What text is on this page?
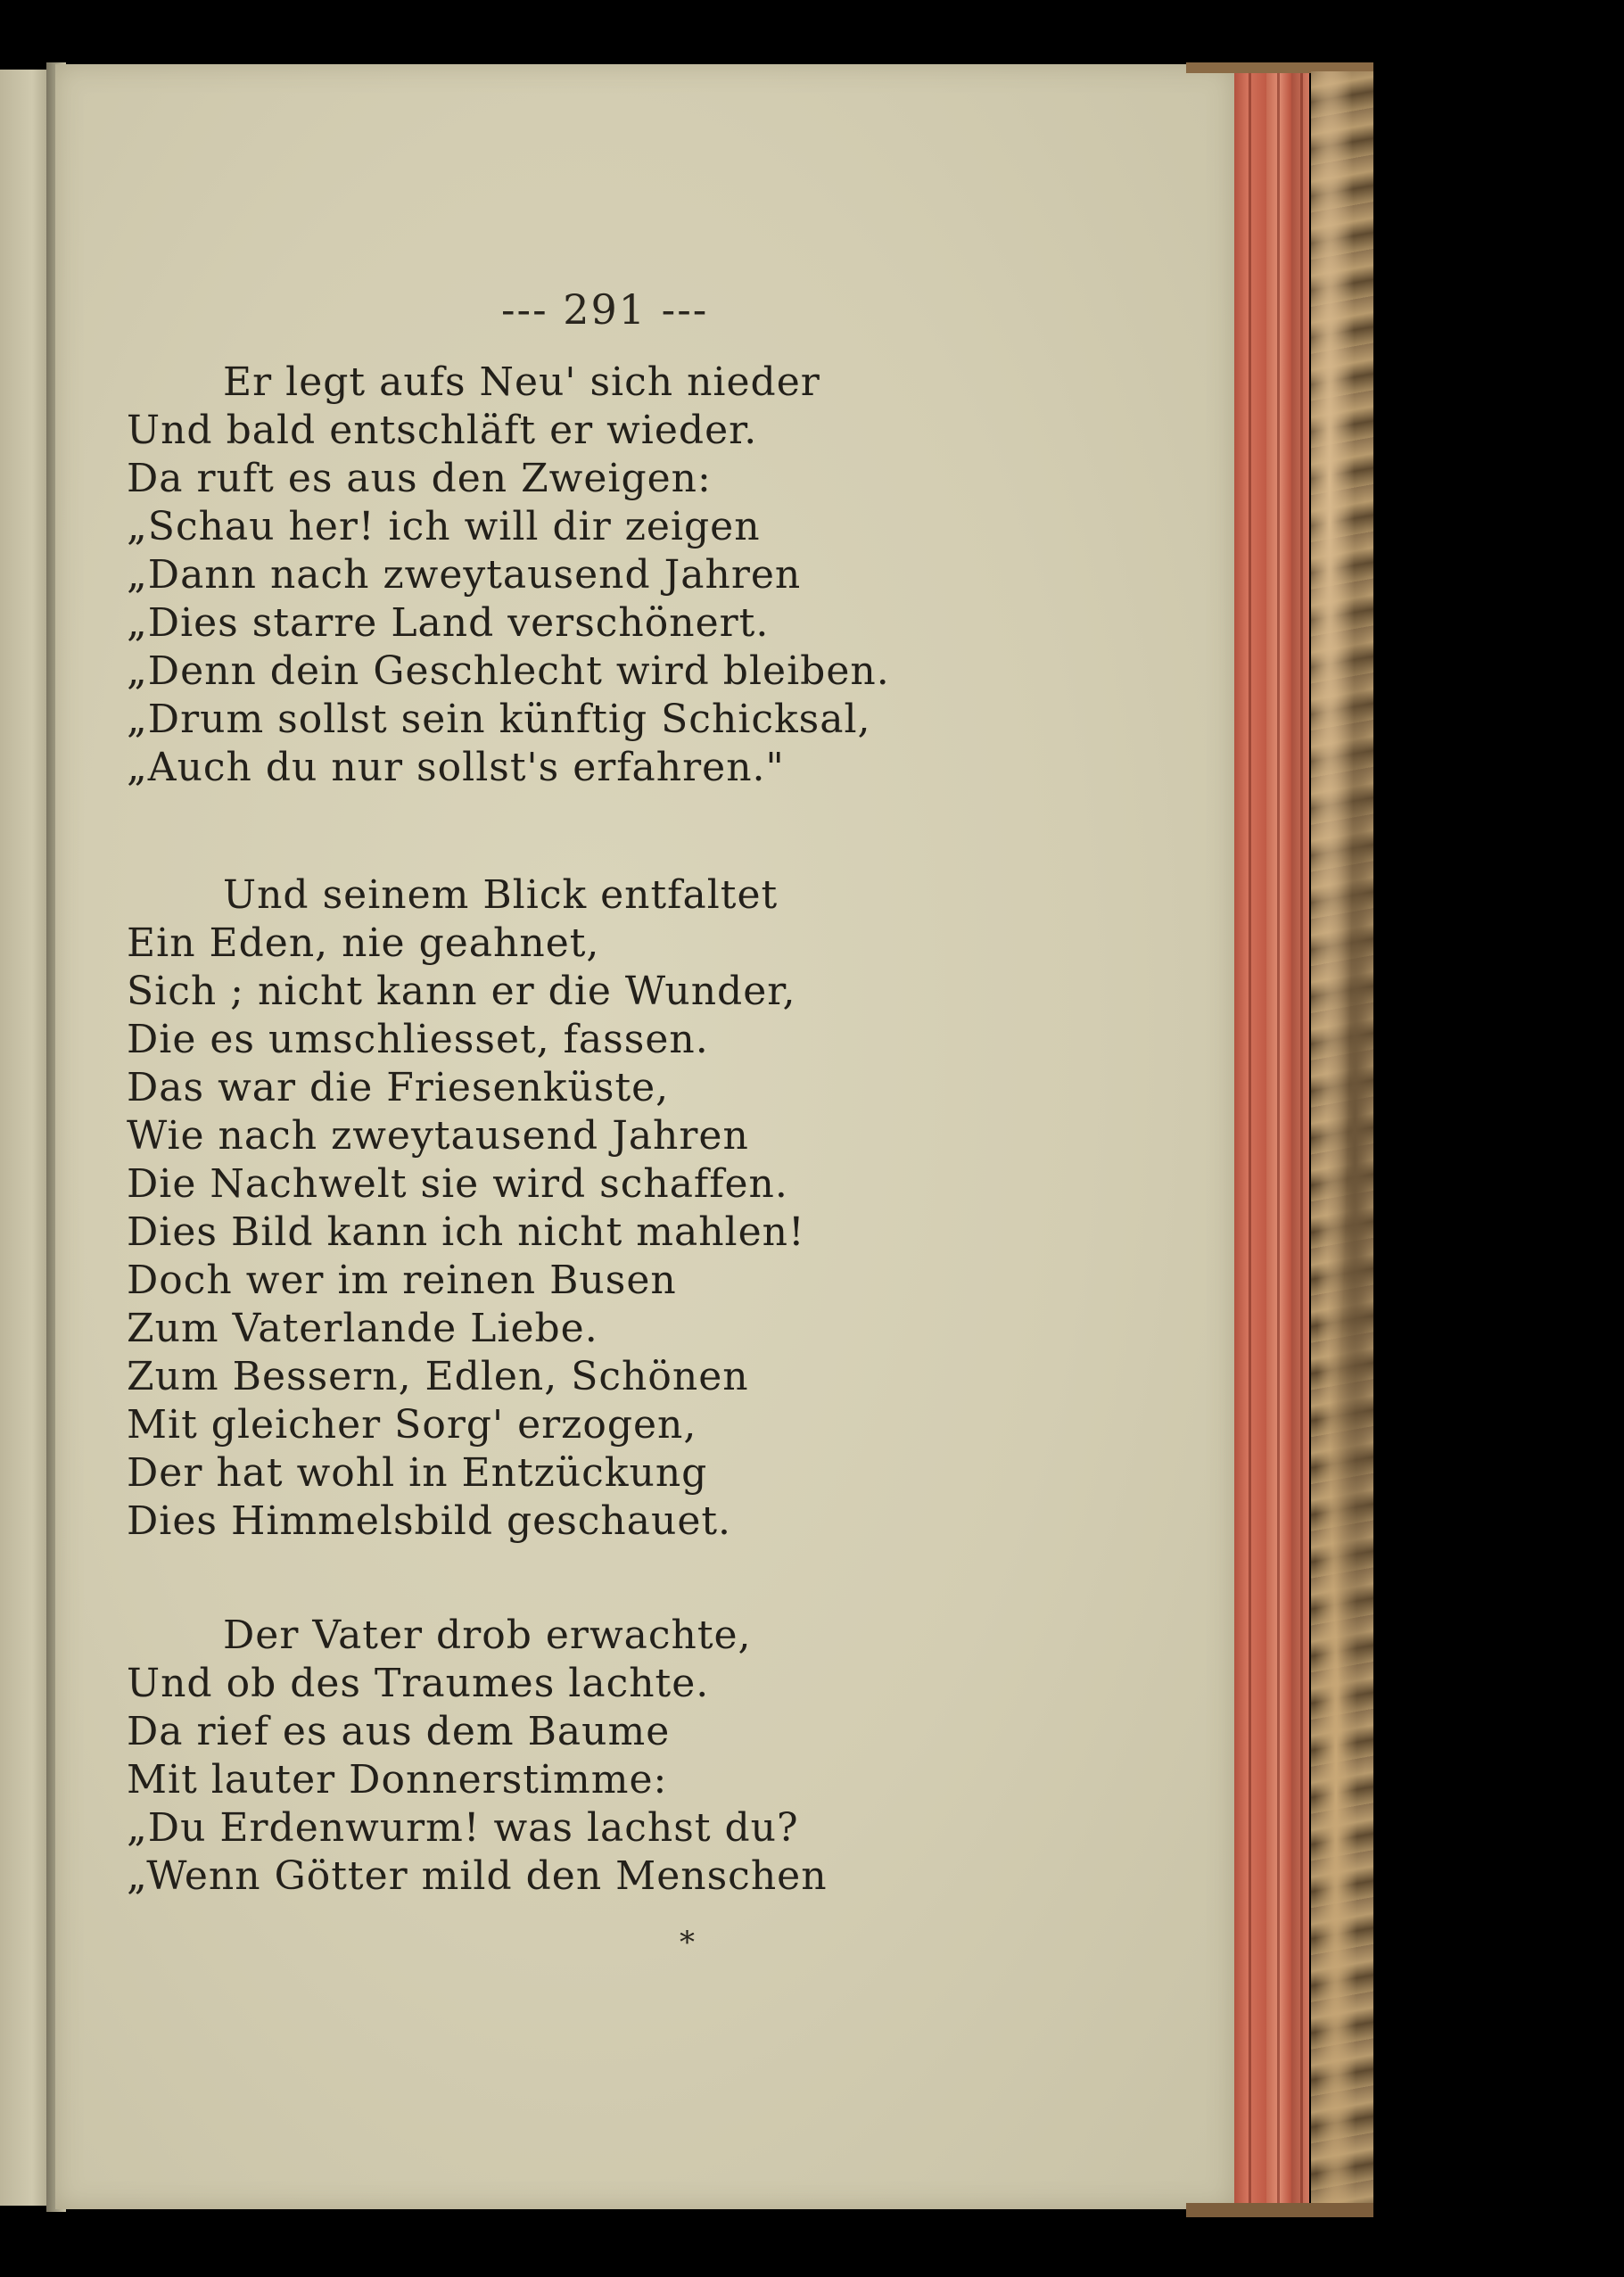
--- 291 ---
Er legt aufs Neu' sich nieder
Und bald entschläft er wieder.
Da ruft es aus den Zweigen:
„Schau her! ich will dir zeigen
„Dann nach zweytausend Jahren
„Dies starre Land verschönert.
„Denn dein Geschlecht wird bleiben.
„Drum sollst sein künftig Schicksal,
„Auch du nur sollst's erfahren."
Und seinem Blick entfaltet
Ein Eden, nie geahnet,
Sich ; nicht kann er die Wunder,
Die es umschliesset, fassen.
Das war die Friesenküste,
Wie nach zweytausend Jahren
Die Nachwelt sie wird schaffen.
Dies Bild kann ich nicht mahlen!
Doch wer im reinen Busen
Zum Vaterlande Liebe.
Zum Bessern, Edlen, Schönen
Mit gleicher Sorg' erzogen,
Der hat wohl in Entzückung
Dies Himmelsbild geschauet.
Der Vater drob erwachte,
Und ob des Traumes lachte.
Da rief es aus dem Baume
Mit lauter Donnerstimme:
„Du Erdenwurm! was lachst du?
„Wenn Götter mild den Menschen
*
